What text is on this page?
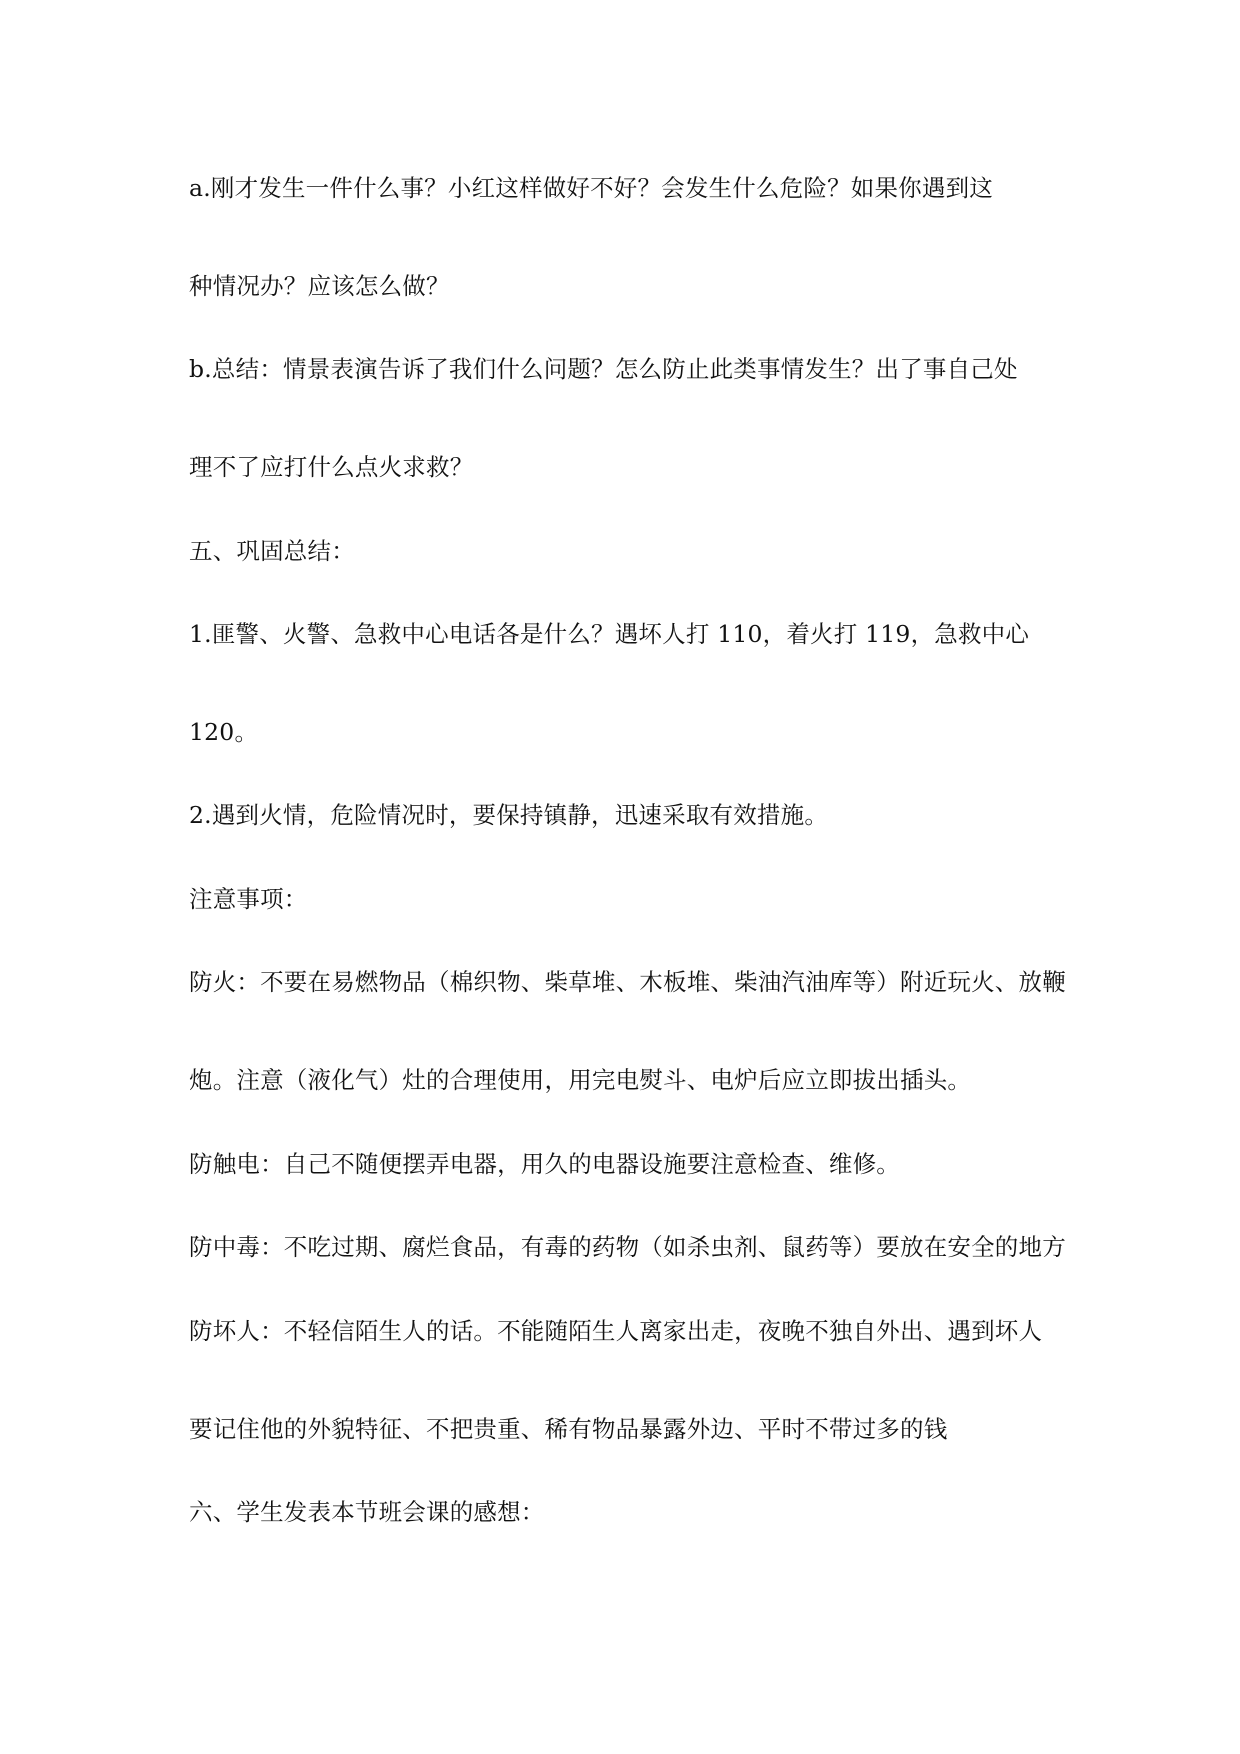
a.刚才发生一件什么事？小红这样做好不好？会发生什么危险？如果你遇到这
种情况办？应该怎么做？
b.总结：情景表演告诉了我们什么问题？怎么防止此类事情发生？出了事自己处
理不了应打什么点火求救？
五、巩固总结：
1.匪警、火警、急救中心电话各是什么？遇坏人打 110，着火打 119，急救中心
120。
2.遇到火情，危险情况时，要保持镇静，迅速采取有效措施。
注意事项：
防火：不要在易燃物品（棉织物、柴草堆、木板堆、柴油汽油库等）附近玩火、放鞭
炮。注意（液化气）灶的合理使用，用完电熨斗、电炉后应立即拔出插头。
防触电：自己不随便摆弄电器，用久的电器设施要注意检查、维修。
防中毒：不吃过期、腐烂食品，有毒的药物（如杀虫剂、鼠药等）要放在安全的地方
防坏人：不轻信陌生人的话。不能随陌生人离家出走，夜晚不独自外出、遇到坏人
要记住他的外貌特征、不把贵重、稀有物品暴露外边、平时不带过多的钱
六、学生发表本节班会课的感想：
